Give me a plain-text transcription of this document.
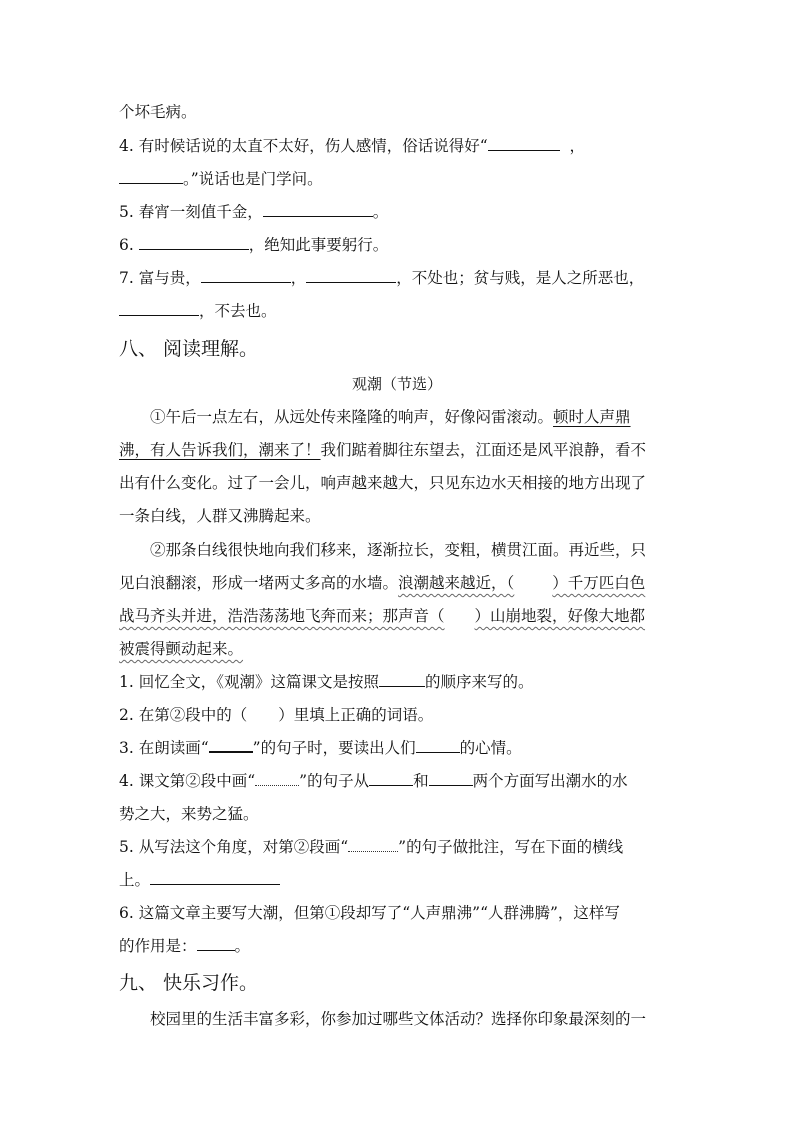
个坏毛病。
4. 有时候话说的太直不太好，伤人感情，俗话说得好“	，
。”说话也是门学问。
5. 春宵一刻值千金，	。
6.	，绝知此事要躬行。
7. 富与贵，	，	，不处也；贫与贱，是人之所恶也，
，不去也。
八、 阅读理解。
观潮（节选）
①午后一点左右，从远处传来隆隆的响声，好像闷雷滚动。顿时人声鼎
沸，有人告诉我们，潮来了！我们踮着脚往东望去，江面还是风平浪静，看不
出有什么变化。过了一会儿，响声越来越大，只见东边水天相接的地方出现了
一条白线，人群又沸腾起来。
②那条白线很快地向我们移来，逐渐拉长，变粗，横贯江面。再近些，只
见白浪翻滚，形成一堵两丈多高的水墙。浪潮越来越近，（ ）千万匹白色
战马齐头并进，浩浩荡荡地飞奔而来；那声音（ ）山崩地裂，好像大地都
被震得颤动起来。
1. 回忆全文，《观潮》这篇课文是按照	的顺序来写的。
2. 在第②段中的（　　）里填上正确的词语。
3. 在朗读画“	”的句子时，要读出人们	的心情。
4. 课文第②段中画“	”的句子从	和	两个方面写出潮水的水
势之大，来势之猛。
5. 从写法这个角度，对第②段画“	”的句子做批注，写在下面的横线
上。
6. 这篇文章主要写大潮，但第①段却写了“人声鼎沸”“人群沸腾”，这样写
的作用是： 。
九、 快乐习作。
校园里的生活丰富多彩，你参加过哪些文体活动？选择你印象最深刻的一
